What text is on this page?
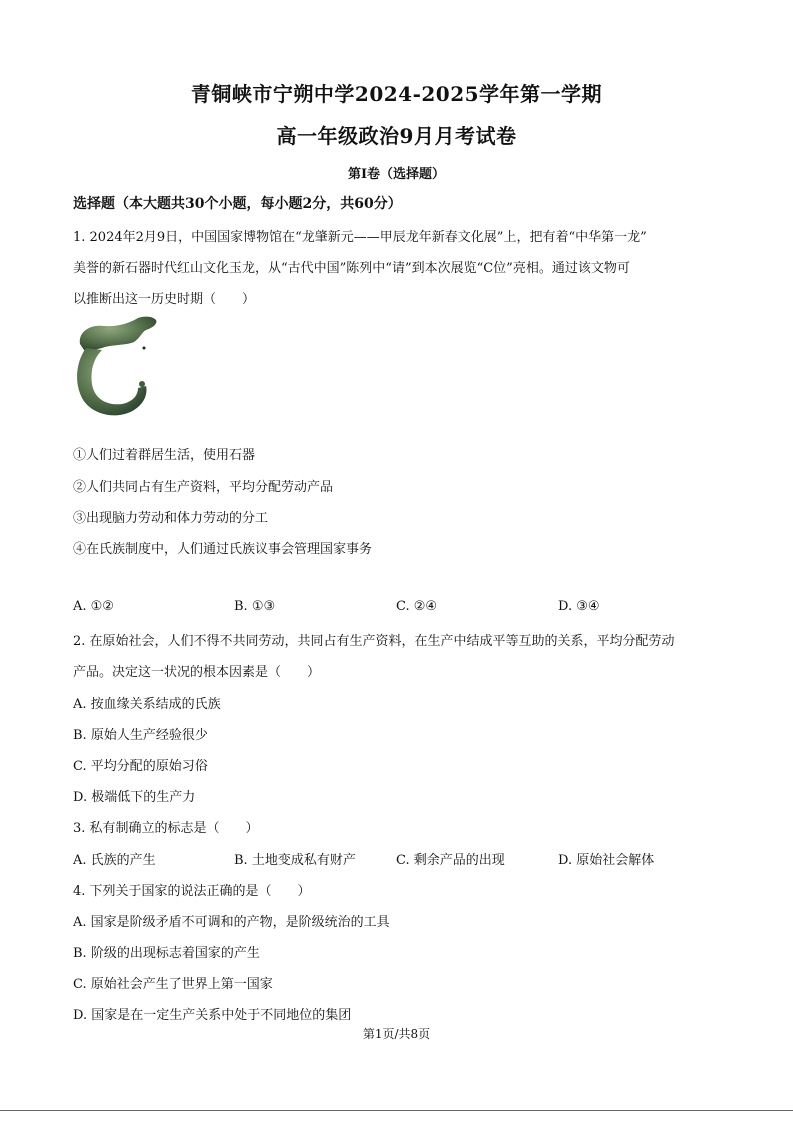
青铜峡市宁朔中学2024-2025学年第一学期
高一年级政治9月月考试卷
第I卷（选择题）
选择题（本大题共30个小题，每小题2分，共60分）
1. 2024年2月9日，中国国家博物馆在“龙肇新元——甲辰龙年新春文化展”上，把有着“中华第一龙”
美誉的新石器时代红山文化玉龙，从“古代中国”陈列中“请”到本次展览“C位”亮相。通过该文物可
以推断出这一历史时期（　　）
①人们过着群居生活，使用石器
②人们共同占有生产资料，平均分配劳动产品
③出现脑力劳动和体力劳动的分工
④在氏族制度中，人们通过氏族议事会管理国家事务
A. ①②	B. ①③	C. ②④	D. ③④
2. 在原始社会，人们不得不共同劳动，共同占有生产资料，在生产中结成平等互助的关系，平均分配劳动
产品。决定这一状况的根本因素是（　　）
A. 按血缘关系结成的氏族
B. 原始人生产经验很少
C. 平均分配的原始习俗
D. 极端低下的生产力
3. 私有制确立的标志是（　　）
A. 氏族的产生	B. 土地变成私有财产	C. 剩余产品的出现	D. 原始社会解体
4. 下列关于国家的说法正确的是（　　）
A. 国家是阶级矛盾不可调和的产物，是阶级统治的工具
B. 阶级的出现标志着国家的产生
C. 原始社会产生了世界上第一国家
D. 国家是在一定生产关系中处于不同地位的集团
第1页/共8页
